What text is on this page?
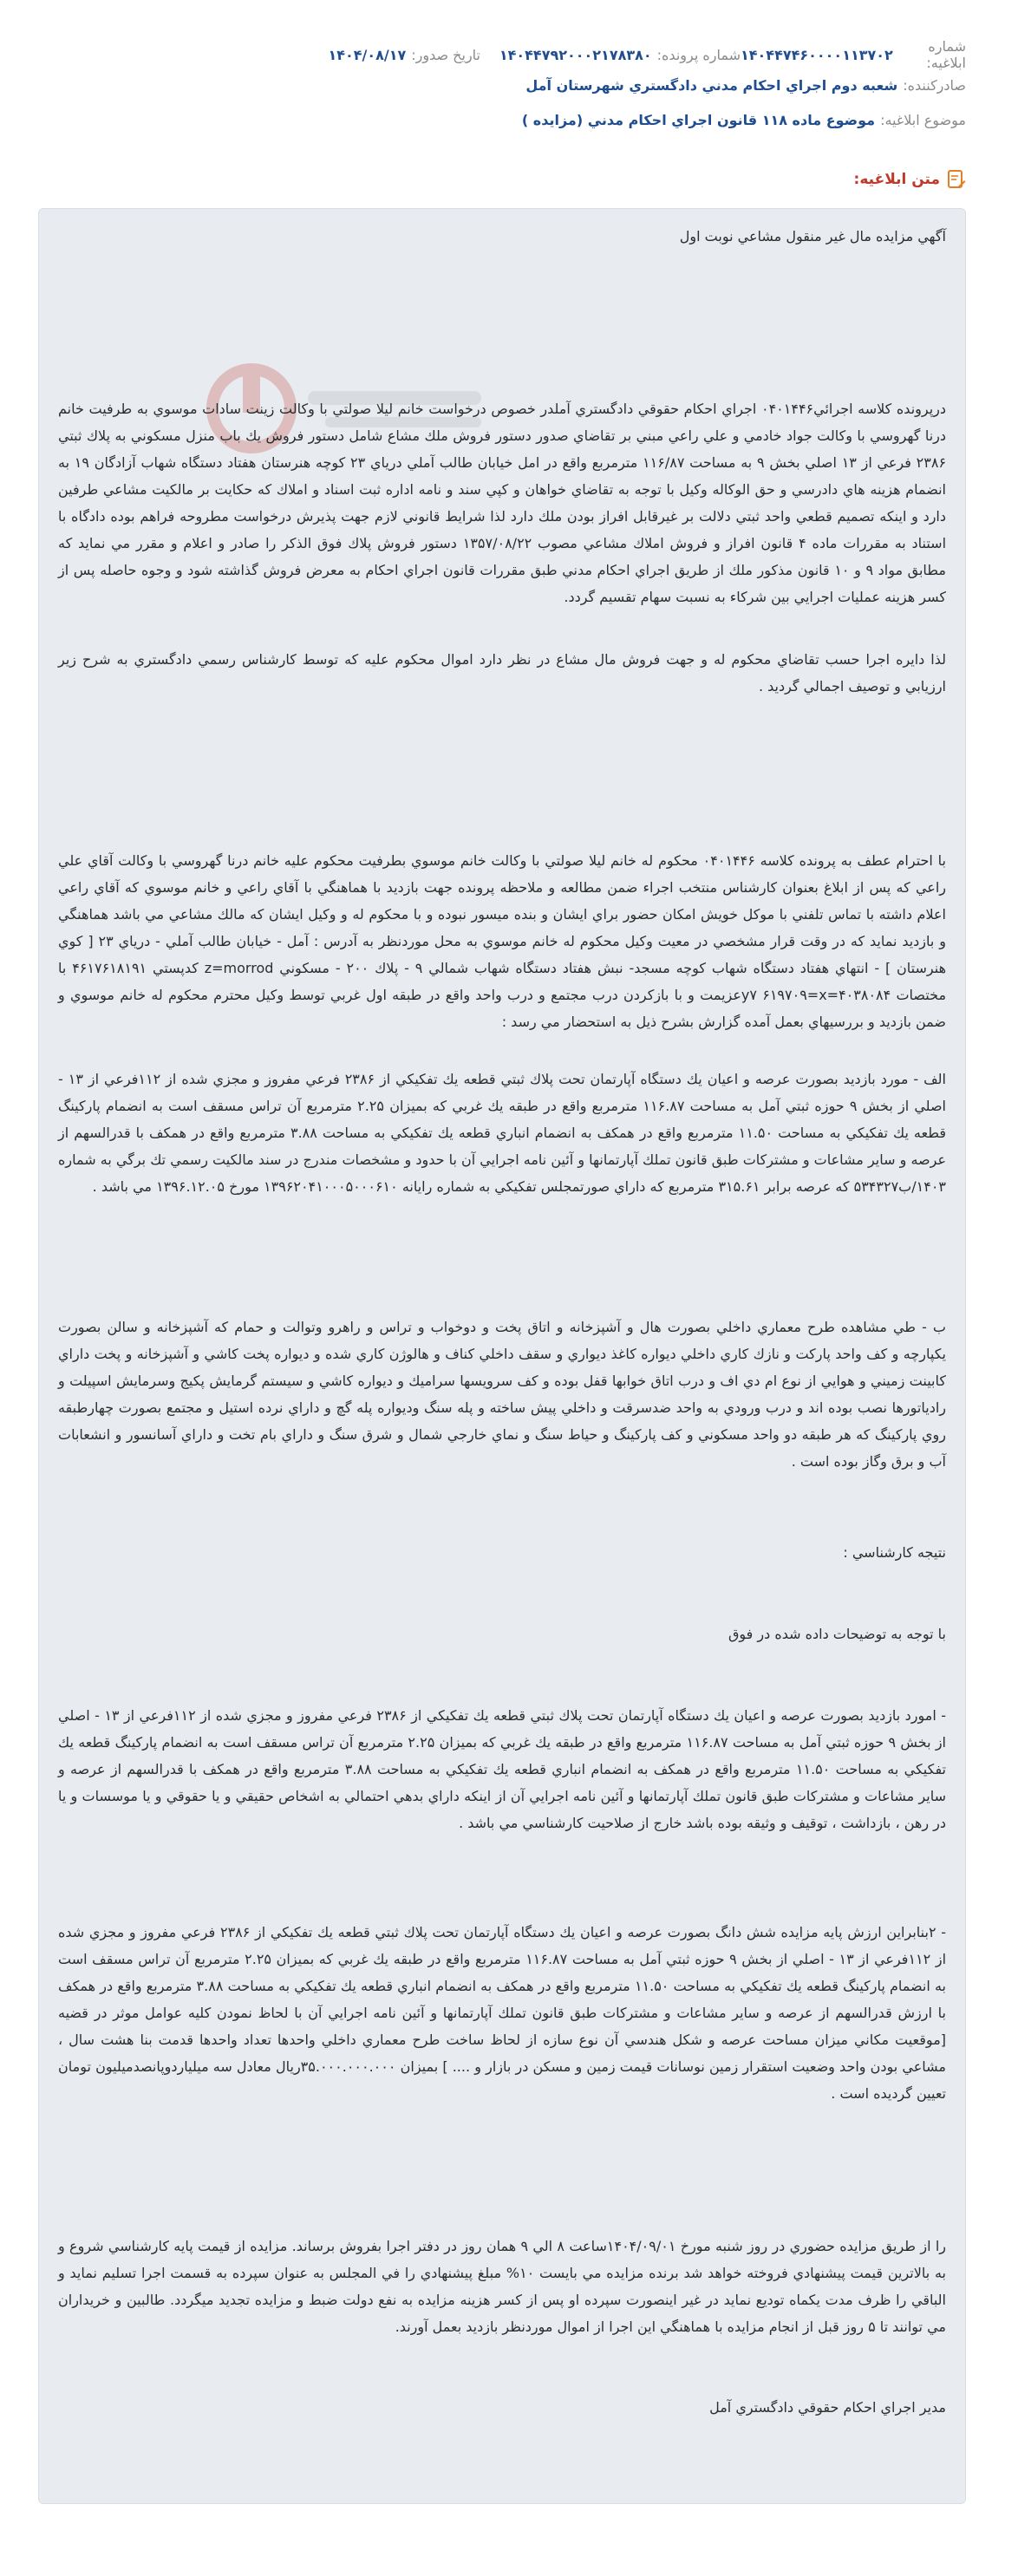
شماره ابلاغيه:
۱۴۰۴۴۷۴۶۰۰۰۰۱۱۳۷۰۲
شماره پرونده:
۱۴۰۴۴۷۹۲۰۰۰۲۱۷۸۳۸۰
تاريخ صدور:
۱۴۰۴/۰۸/۱۷
صادرکننده:
شعبه دوم اجراي احكام مدني دادگستري شهرستان آمل
موضوع ابلاغيه:
موضوع ماده ۱۱۸ قانون اجراي احكام مدني (مزايده )
متن ابلاغيه:

آگهي مزايده مال غير منقول مشاعي نوبت اول

درپرونده كلاسه اجرائي۰۴۰۱۴۴۶ اجراي احكام حقوقي دادگستري آملدر خصوص درخواست خانم ليلا صولتي با وكالت زينت سادات موسوي به طرفيت خانم درنا گهروسي با وكالت جواد خادمي و علي راعي مبني بر تقاضاي صدور دستور فروش ملك مشاع شامل دستور فروش يك باب منزل مسكوني به پلاك ثبتي ۲۳۸۶ فرعي از ۱۳ اصلي بخش ۹ به مساحت ۱۱۶/۸۷ مترمربع واقع در امل خيابان طالب آملي درياي ۲۳ كوچه هنرستان هفتاد دستگاه شهاب آزادگان ۱۹ به انضمام هزينه هاي دادرسي و حق الوكاله وكيل با توجه به تقاضاي خواهان و كپي سند و نامه اداره ثبت اسناد و املاك كه حكايت بر مالكيت مشاعي طرفين دارد و اينكه تصميم قطعي واحد ثبتي دلالت بر غيرقابل افراز بودن ملك دارد لذا شرايط قانوني لازم جهت پذيرش درخواست مطروحه فراهم بوده دادگاه با استناد به مقررات ماده ۴ قانون افراز و فروش املاك مشاعي مصوب ۱۳۵۷/۰۸/۲۲ دستور فروش پلاك فوق الذكر را صادر و اعلام و مقرر مي نمايد كه مطابق مواد ۹ و ۱۰ قانون مذكور ملك از طريق اجراي احكام مدني طبق مقررات قانون اجراي احكام به معرض فروش گذاشته شود و وجوه حاصله پس از كسر هزينه عمليات اجرايي بين شركاء به نسبت سهام تقسيم گردد.

لذا دايره اجرا حسب تقاضاي محكوم له و جهت فروش مال مشاع در نظر دارد اموال محكوم عليه كه توسط كارشناس رسمي دادگستري به شرح زير ارزيابي و توصيف اجمالي گرديد .

با احترام عطف به پرونده كلاسه ۰۴۰۱۴۴۶ محكوم له خانم ليلا صولتي با وكالت خانم موسوي بطرفيت محكوم عليه خانم درنا گهروسي با وكالت آقاي علي راعي كه پس از ابلاغ بعنوان كارشناس منتخب اجراء ضمن مطالعه و ملاحظه پرونده جهت بازديد با هماهنگي با آقاي راعي و خانم موسوي كه آقاي راعي اعلام داشته با تماس تلفني با موكل خويش امكان حضور براي ايشان و بنده ميسور نبوده و با محكوم له و وكيل ايشان كه مالك مشاعي مي باشد هماهنگي و بازديد نمايد كه در وقت قرار مشخصي در معيت وكيل محكوم له خانم موسوي به محل موردنظر به آدرس : آمل - خيابان طالب آملي - درياي ۲۳ [ كوي هنرستان ] - انتهاي هفتاد دستگاه شهاب كوچه مسجد- نبش هفتاد دستگاه شهاب شمالي ۹ - پلاك ۲۰۰ - مسكوني z=morrod كدپستي ۴۶۱۷۶۱۸۱۹۱ با مختصات ۴۰۳۸۰۸۴=y۷ ۶۱۹۷۰۹=xعزيمت و با بازكردن درب مجتمع و درب واحد واقع در طبقه اول غربي توسط وكيل محترم محكوم له خانم موسوي و ضمن بازديد و بررسيهاي بعمل آمده گزارش بشرح ذيل به استحضار مي رسد :

الف - مورد بازديد بصورت عرصه و اعيان يك دستگاه آپارتمان تحت پلاك ثبتي قطعه يك تفكيكي از ۲۳۸۶ فرعي مفروز و مجزي شده از ۱۱۲فرعي از ۱۳ - اصلي از بخش ۹ حوزه ثبتي آمل به مساحت ۱۱۶.۸۷ مترمربع واقع در طبقه يك غربي كه بميزان ۲.۲۵ مترمربع آن تراس مسقف است به انضمام پاركينگ قطعه يك تفكيكي به مساحت ۱۱.۵۰ مترمربع واقع در همكف به انضمام انباري قطعه يك تفكيكي به مساحت ۳.۸۸ مترمربع واقع در همكف با قدرالسهم از عرصه و ساير مشاعات و مشتركات طبق قانون تملك آپارتمانها و آئين نامه اجرايي آن با حدود و مشخصات مندرج در سند مالكيت رسمي تك برگي به شماره ۱۴۰۳/ب۵۳۴۳۲۷ كه عرصه برابر ۳۱۵.۶۱ مترمربع كه داراي صورتمجلس تفكيكي به شماره رايانه ۱۳۹۶۲۰۴۱۰۰۰۵۰۰۰۶۱۰ مورخ ۱۳۹۶.۱۲.۰۵ مي باشد .

ب - طي مشاهده طرح معماري داخلي بصورت هال و آشپزخانه و اتاق پخت و دوخواب و تراس و راهرو وتوالت و حمام كه آشپزخانه و سالن بصورت يكپارچه و كف واحد پاركت و نازك كاري داخلي ديواره كاغذ ديواري و سقف داخلي كناف و هالوژن كاري شده و ديواره پخت كاشي و آشپزخانه و پخت داراي كابينت زميني و هوايي از نوع ام دي اف و درب اتاق خوابها قفل بوده و كف سرويسها سراميك و ديواره كاشي و سيستم گرمايش پكيج وسرمايش اسپيلت و رادياتورها نصب بوده اند و درب ورودي به واحد ضدسرقت و داخلي پيش ساخته و پله سنگ ودیواره پله گچ و داراي نرده استيل و مجتمع بصورت چهارطبقه روي پاركينگ كه هر طبقه دو واحد مسكوني و كف پاركينگ و حياط سنگ و نماي خارجي شمال و شرق سنگ و داراي بام تخت و داراي آسانسور و انشعابات آب و برق وگاز بوده است .

نتيجه كارشناسي :

با توجه به توضيحات داده شده در فوق

- امورد بازديد بصورت عرصه و اعيان يك دستگاه آپارتمان تحت پلاك ثبتي قطعه يك تفكيكي از ۲۳۸۶ فرعي مفروز و مجزي شده از ۱۱۲فرعي از ۱۳ - اصلي از بخش ۹ حوزه ثبتي آمل به مساحت ۱۱۶.۸۷ مترمربع واقع در طبقه يك غربي كه بميزان ۲.۲۵ مترمربع آن تراس مسقف است به انضمام پاركينگ قطعه يك تفكيكي به مساحت ۱۱.۵۰ مترمربع واقع در همكف به انضمام انباري قطعه يك تفكيكي به مساحت ۳.۸۸ مترمربع واقع در همكف با قدرالسهم از عرصه و ساير مشاعات و مشتركات طبق قانون تملك آپارتمانها و آئين نامه اجرايي آن از اينكه داراي بدهي احتمالي به اشخاص حقيقي و يا حقوقي و يا موسسات و يا در رهن ، بازداشت ، توقيف و وثيقه بوده باشد خارج از صلاحيت كارشناسي مي باشد .

- ۲بنابراين ارزش پايه مزايده شش دانگ بصورت عرصه و اعيان يك دستگاه آپارتمان تحت پلاك ثبتي قطعه يك تفكيكي از ۲۳۸۶ فرعي مفروز و مجزي شده از ۱۱۲فرعي از ۱۳ - اصلي از بخش ۹ حوزه ثبتي آمل به مساحت ۱۱۶.۸۷ مترمربع واقع در طبقه يك غربي كه بميزان ۲.۲۵ مترمربع آن تراس مسقف است به انضمام پاركينگ قطعه يك تفكيكي به مساحت ۱۱.۵۰ مترمربع واقع در همكف به انضمام انباري قطعه يك تفكيكي به مساحت ۳.۸۸ مترمربع واقع در همكف با ارزش قدرالسهم از عرصه و ساير مشاعات و مشتركات طبق قانون تملك آپارتمانها و آئين نامه اجرايي آن با لحاظ نمودن كليه عوامل موثر در قضيه [موقعيت مكاني ميزان مساحت عرصه و شكل هندسي آن نوع سازه از لحاظ ساخت طرح معماري داخلي واحدها تعداد واحدها قدمت بنا هشت سال ، مشاعي بودن واحد وضعيت استقرار زمين نوسانات قيمت زمين و مسكن در بازار و .... ] بميزان ۳۵.۰۰۰.۰۰۰.۰۰۰ريال معادل سه ميلياردوپانصدميليون تومان تعيين گرديده است .

را از طريق مزايده حضوري در روز شنبه مورخ ۱۴۰۴/۰۹/۰۱ساعت ۸ الي ۹ همان روز در دفتر اجرا بفروش برساند. مزايده از قيمت پايه كارشناسي شروع و به بالاترين قيمت پيشنهادي فروخته خواهد شد برنده مزايده مي بايست ۱۰% مبلغ پيشنهادي را في المجلس به عنوان سپرده به قسمت اجرا تسليم نمايد و الباقي را ظرف مدت يكماه توديع نمايد در غير اينصورت سپرده او پس از كسر هزينه مزايده به نفع دولت ضبط و مزايده تجديد ميگردد. طالبين و خريداران مي توانند تا ۵ روز قبل از انجام مزايده با هماهنگي اين اجرا از اموال موردنظر بازديد بعمل آورند.

مدير اجراي احكام حقوقي دادگستري آمل
